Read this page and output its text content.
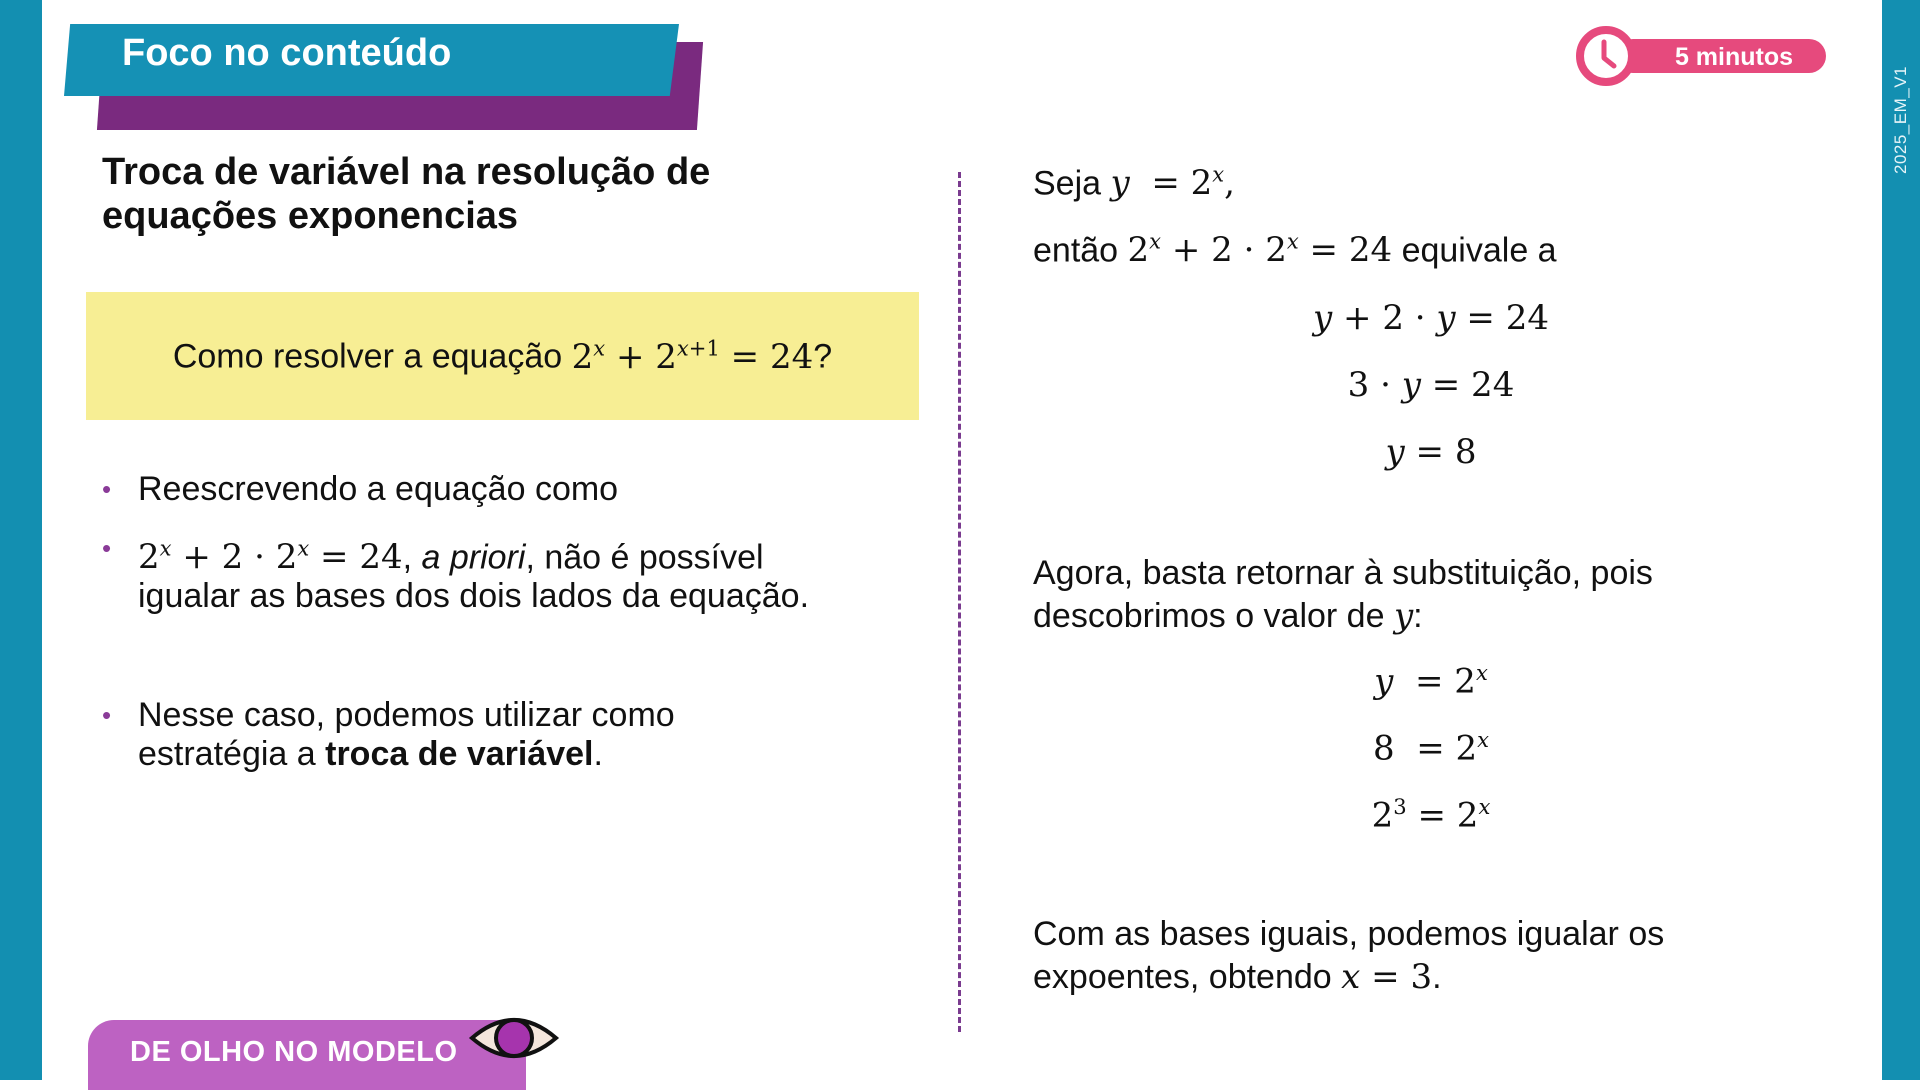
2025_EM_V1
Foco no conteúdo	5 minutos
Troca de variável na resolução de equações exponencias
Como resolver a equação $2^x + 2^{x+1} = 24$?
• Reescrevendo a equação como
• $2^x + 2 \cdot 2^x = 24$, a priori, não é possível igualar as bases dos dois lados da equação.
• Nesse caso, podemos utilizar como estratégia a troca de variável.
Seja $y = 2^x$,
então $2^x + 2 \cdot 2^x = 24$ equivale a
y + 2 · y = 24
3 · y = 24
y = 8
Agora, basta retornar à substituição, pois descobrimos o valor de y:
$y = 2^x$
$8 = 2^x$
$2^3 = 2^x$
Com as bases iguais, podemos igualar os expoentes, obtendo x = 3.
DE OLHO NO MODELO
